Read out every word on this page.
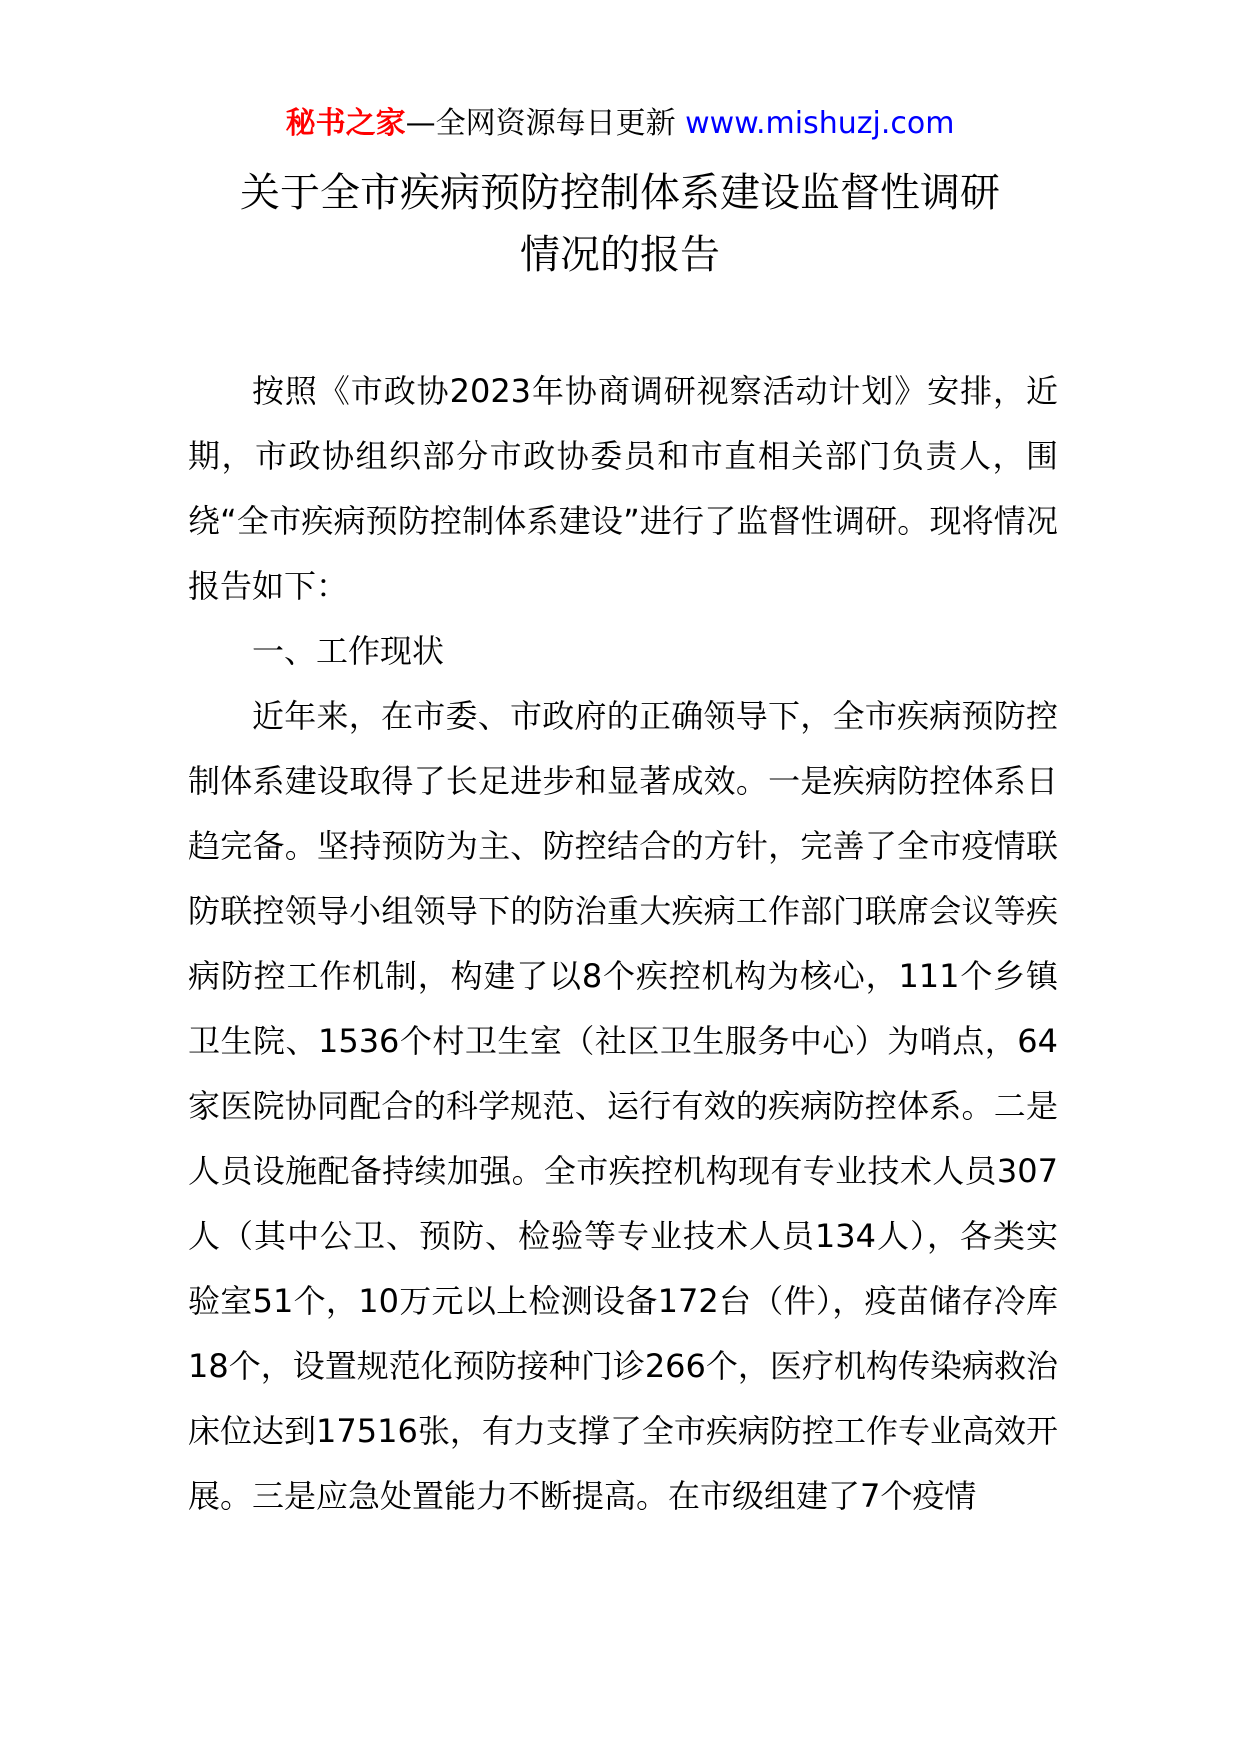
秘书之家—全网资源每日更新 www.mishuzj.com
关于全市疾病预防控制体系建设监督性调研
情况的报告

按照《市政协2023年协商调研视察活动计划》安排，近期，市政协组织部分市政协委员和市直相关部门负责人，围绕“全市疾病预防控制体系建设”进行了监督性调研。现将情况报告如下：

一、工作现状

近年来，在市委、市政府的正确领导下，全市疾病预防控制体系建设取得了长足进步和显著成效。一是疾病防控体系日趋完备。坚持预防为主、防控结合的方针，完善了全市疫情联防联控领导小组领导下的防治重大疾病工作部门联席会议等疾病防控工作机制，构建了以8个疾控机构为核心，111个乡镇卫生院、1536个村卫生室（社区卫生服务中心）为哨点，64家医院协同配合的科学规范、运行有效的疾病防控体系。二是人员设施配备持续加强。全市疾控机构现有专业技术人员307人（其中公卫、预防、检验等专业技术人员134人），各类实验室51个，10万元以上检测设备172台（件），疫苗储存冷库18个，设置规范化预防接种门诊266个，医疗机构传染病救治床位达到17516张，有力支撑了全市疾病防控工作专业高效开展。三是应急处置能力不断提高。在市级组建了7个疫情
